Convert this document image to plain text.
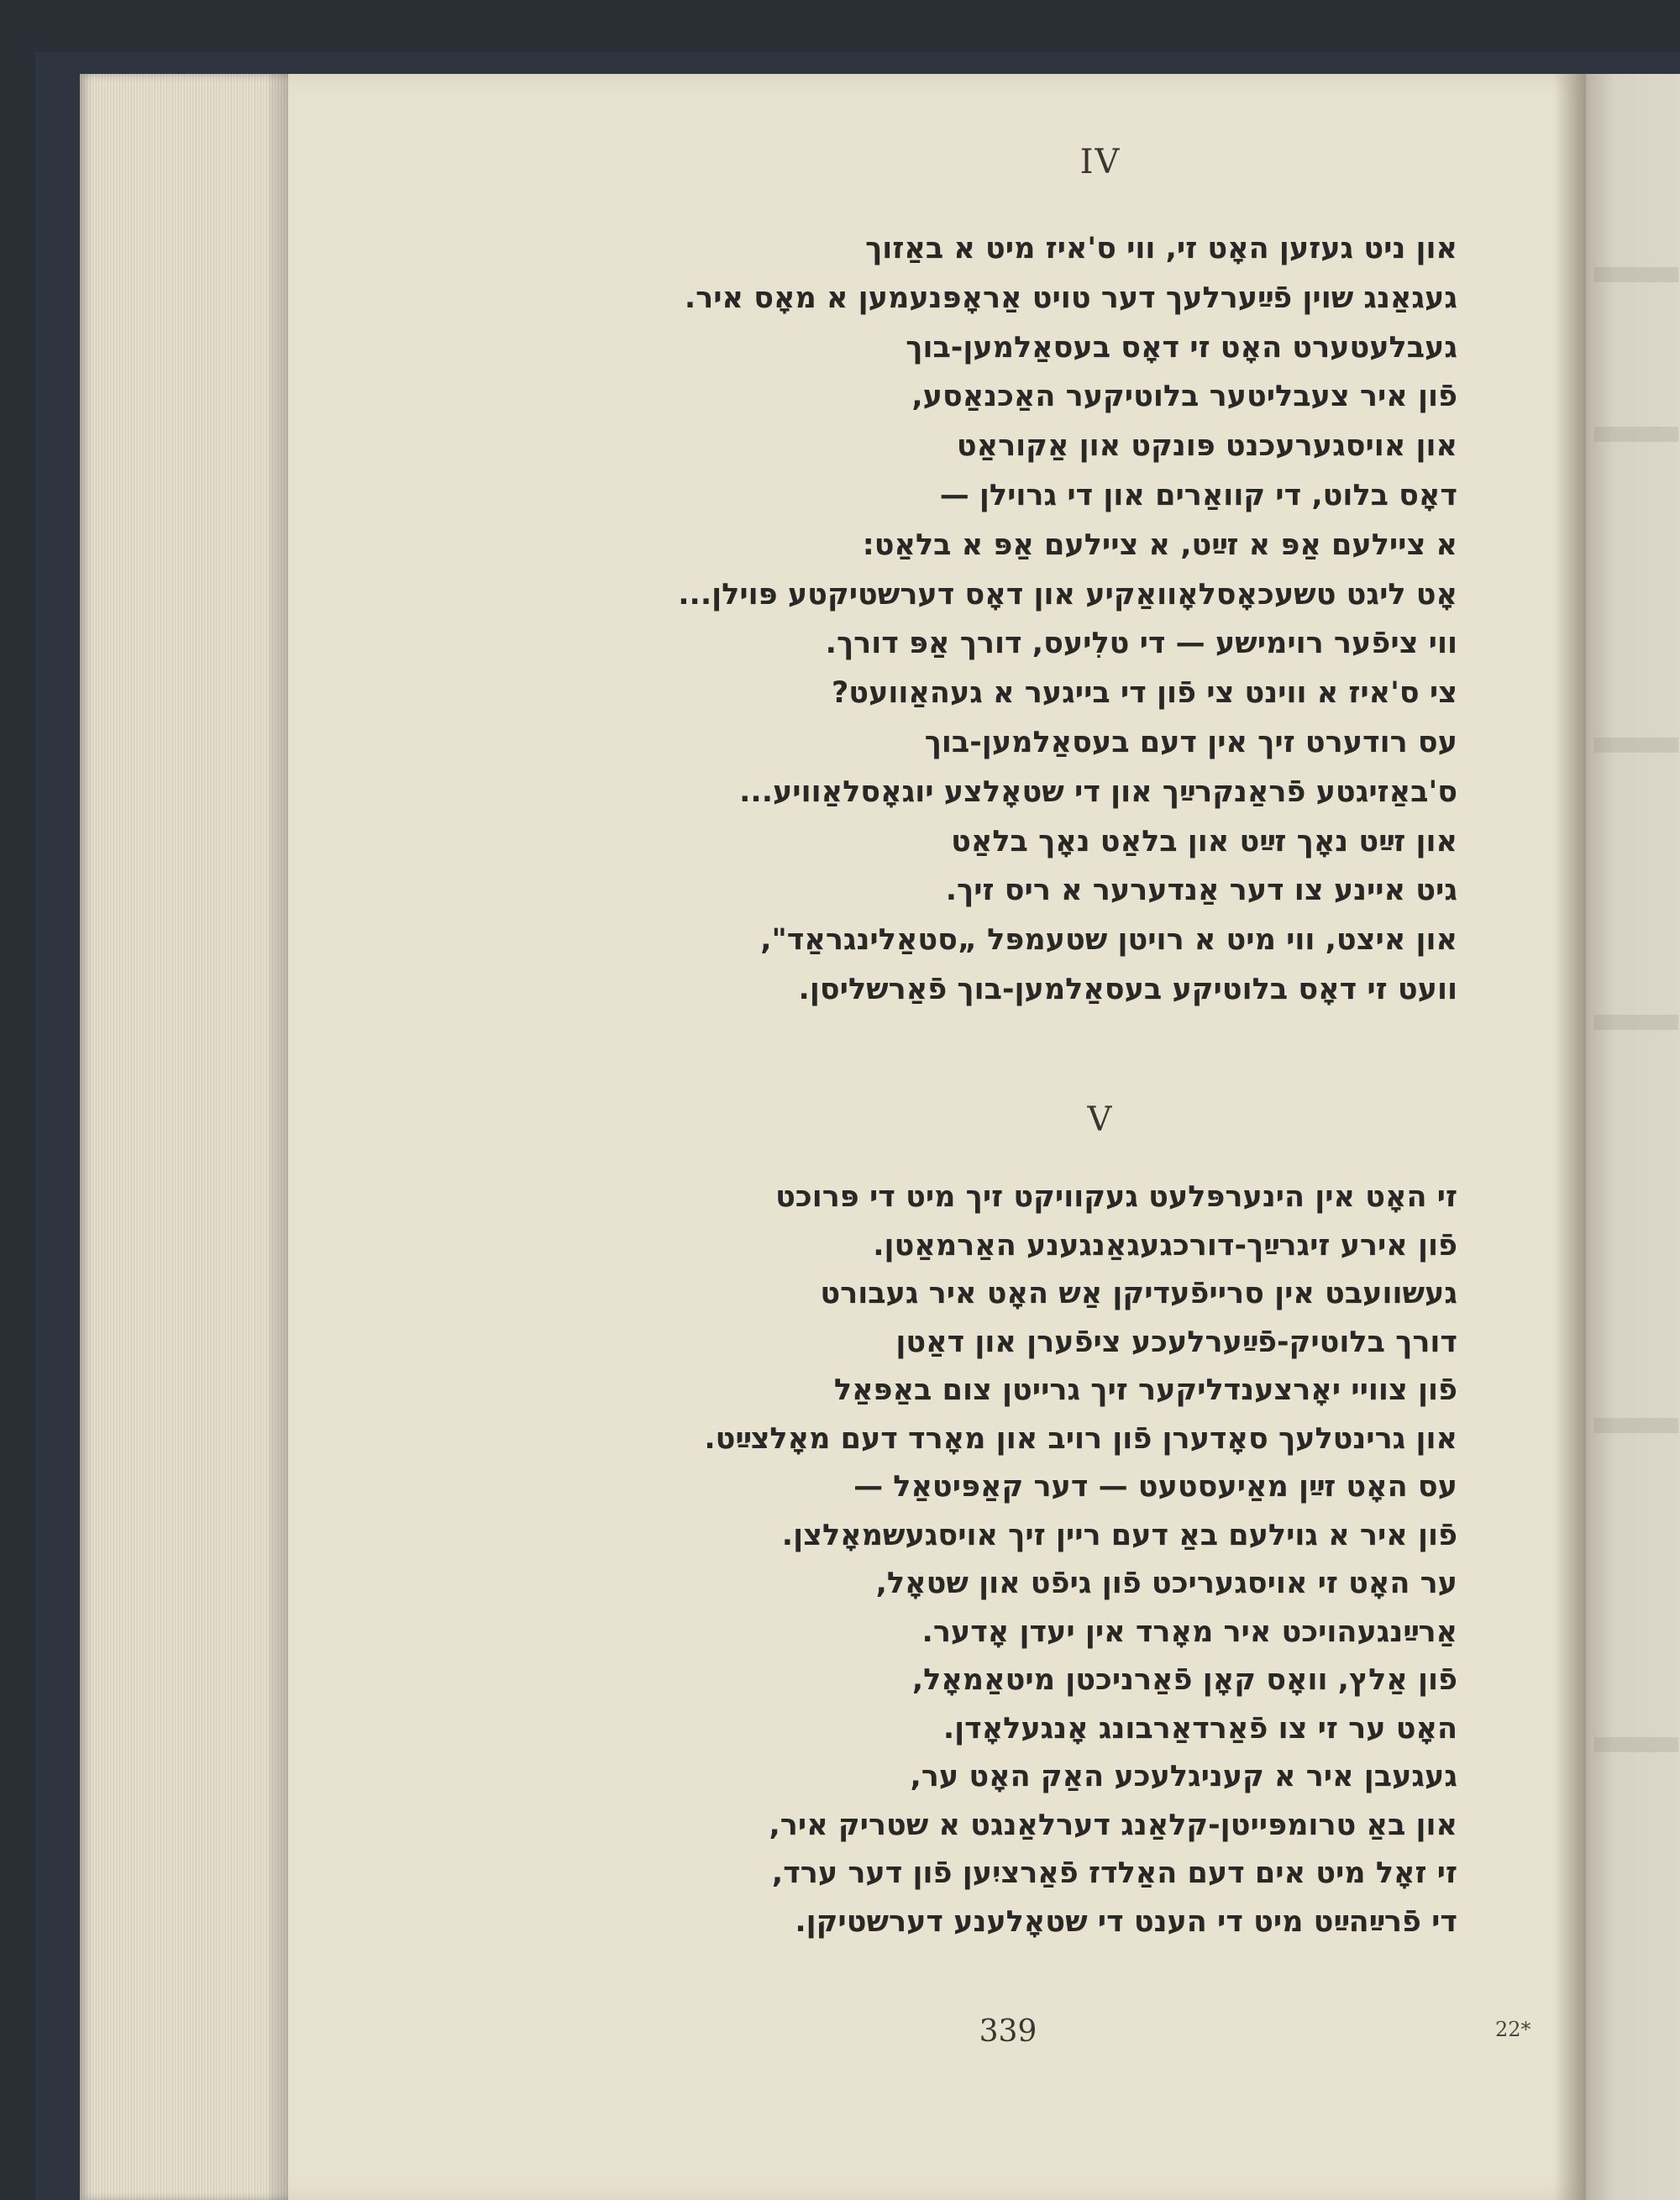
IV
און ניט געזען האָט זי, ווי ס'איז מיט א באַזוך
געגאַנג שוין פֿײַערלעך דער טויט אַראָפּנעמען א מאָס איר.
געבלעטערט האָט זי דאָס בעסאַלמען-בוך
פֿון איר צעבליטער בלוטיקער האַכנאַסע,
און אויסגערעכנט פּונקט און אַקוראַט
דאָס בלוט, די קוואַרים און די גרוילן —
א ציילעם אַפּ א זײַט, א ציילעם אַפּ א בלאַט:
אָט ליגט טשעכאָסלאָוואַקיע און דאָס דערשטיקטע פּוילן...
ווי ציפֿער רוימישע — די טלִיעס, דורך אַפּ דורך.
צי ס'איז א ווינט צי פֿון די בייגער א געהאַוועט?
עס רודערט זיך אין דעם בעסאַלמען-בוך
ס'באַזיגטע פֿראַנקרײַך און די שטאָלצע יוגאָסלאַוויע...
און זײַט נאָך זײַט און בלאַט נאָך בלאַט
גיט איינע צו דער אַנדערער א ריס זיך.
און איצט, ווי מיט א רויטן שטעמפּל „סטאַלינגראַד",
וועט זי דאָס בלוטיקע בעסאַלמען-בוך פֿאַרשליסן.
V
זי האָט אין הינערפּלעט געקוויקט זיך מיט די פּרוכט
פֿון אירע זיגרײַך-דורכגעגאַנגענע האַרמאַטן.
געשוועבט אין סרייפֿעדיקן אַש האָט איר געבורט
דורך בלוטיק-פֿײַערלעכע ציפֿערן און דאַטן
פֿון צוויי יאָרצענדליקער זיך גרייטן צום באַפּאַל
און גרינטלעך סאָדערן פֿון רויב און מאָרד דעם מאָלצײַט.
עס האָט זײַן מאַיעסטעט — דער קאַפּיטאַל —
פֿון איר א גוילעם באַ דעם ריין זיך אויסגעשמאָלצן.
ער האָט זי אויסגעריכט פֿון גיפֿט און שטאָל,
אַרײַנגעהויכט איר מאָרד אין יעדן אָדער.
פֿון אַלץ, וואָס קאָן פֿאַרניכטן מיטאַמאָל,
האָט ער זי צו פֿאַרדאַרבונג אָנגעלאָדן.
געגעבן איר א קעניגלעכע האַק האָט ער,
און באַ טרומפּייטן-קלאַנג דערלאַנגט א שטריק איר,
זי זאָל מיט אים דעם האַלדז פֿאַרציִען פֿון דער ערד,
די פֿרײַהײַט מיט די הענט די שטאָלענע דערשטיקן.
339	22*
